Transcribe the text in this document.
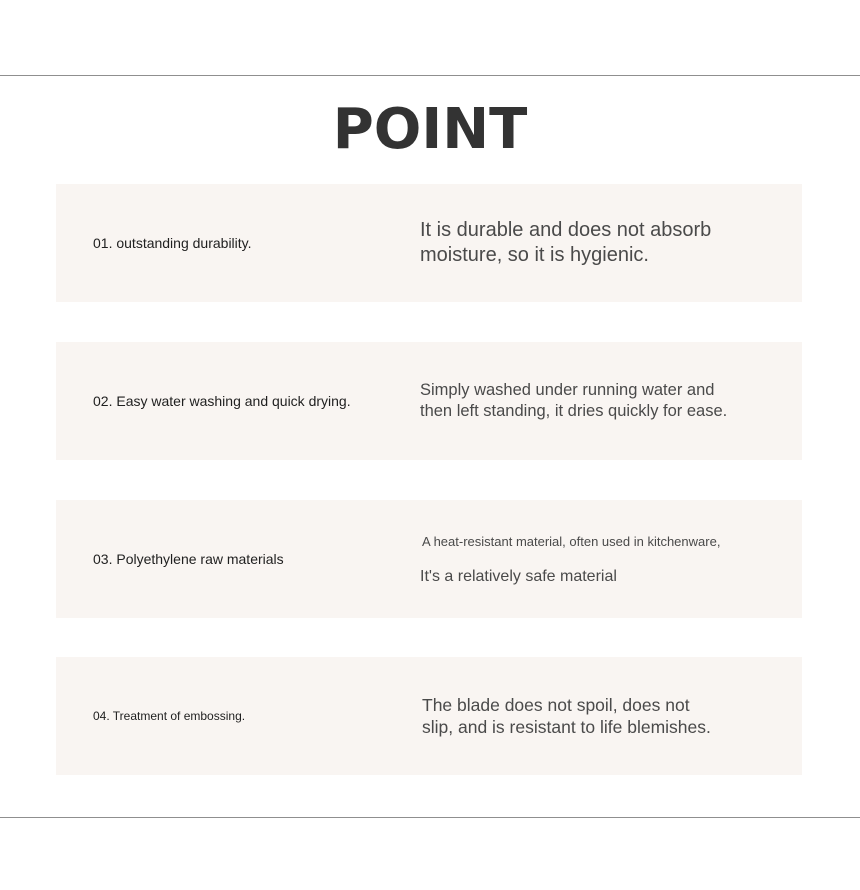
POINT
01. outstanding durability.
It is durable and does not absorb
moisture, so it is hygienic.
02. Easy water washing and quick drying.
Simply washed under running water and
then left standing, it dries quickly for ease.
03. Polyethylene raw materials
A heat-resistant material, often used in kitchenware,
It's a relatively safe material
04. Treatment of embossing.
The blade does not spoil, does not
slip, and is resistant to life blemishes.
